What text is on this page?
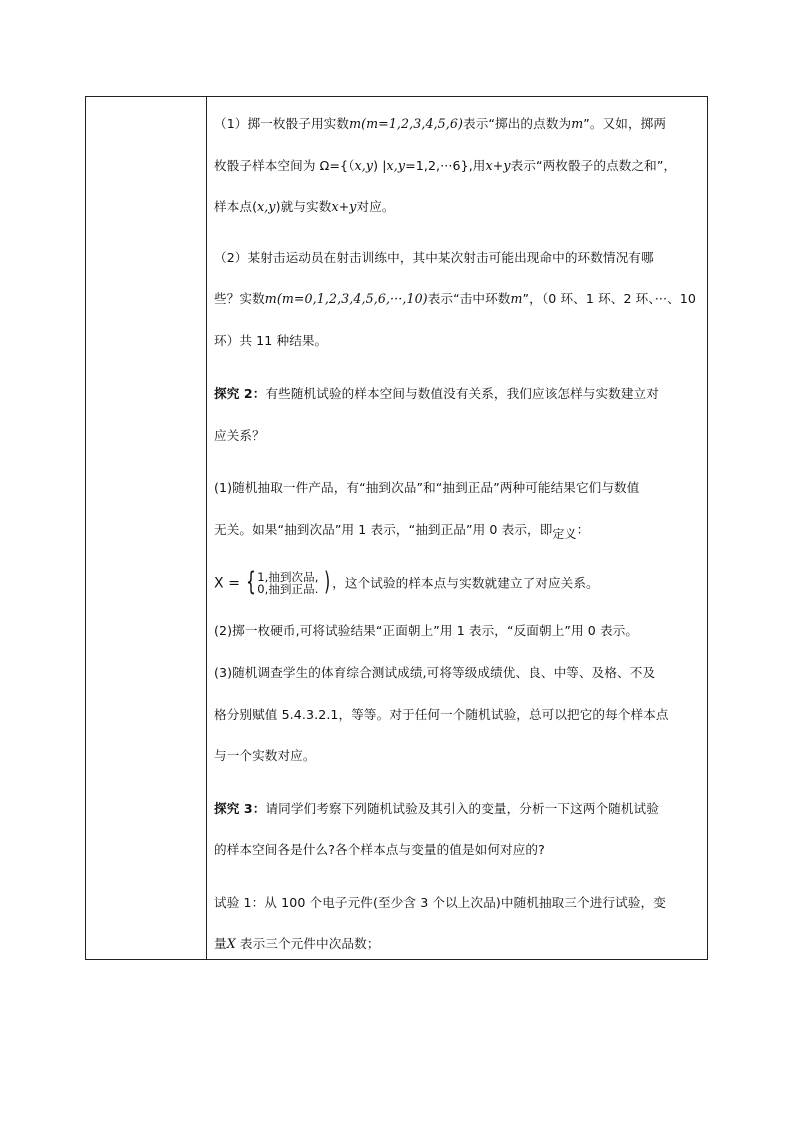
（1）掷一枚骰子用实数m(m=1,2,3,4,5,6)表示“掷出的点数为m”。又如，掷两
枚骰子样本空间为 Ω={（x,y) |x,y=1,2,···6},用x+y表示“两枚骰子的点数之和”，
样本点(x,y)就与实数x+y对应。
（2）某射击运动员在射击训练中，其中某次射击可能出现命中的环数情况有哪
些？实数m(m=0,1,2,3,4,5,6,···,10)表示“击中环数m”，（0 环、1 环、2 环、···、10
环）共 11 种结果。
探究 2：有些随机试验的样本空间与数值没有关系，我们应该怎样与实数建立对
应关系？
(1)随机抽取一件产品，有“抽到次品”和“抽到正品”两种可能结果它们与数值
无关。如果“抽到次品”用 1 表示，“抽到正品”用 0 表示，即定义：
X = { 1,抽到次品,
0,抽到正品. ) ，这个试验的样本点与实数就建立了对应关系。
(2)掷一枚硬币,可将试验结果“正面朝上”用 1 表示，“反面朝上”用 0 表示。
(3)随机调查学生的体育综合测试成绩,可将等级成绩优、良、中等、及格、不及
格分别赋值 5.4.3.2.1，等等。对于任何一个随机试验，总可以把它的每个样本点
与一个实数对应。
探究 3：请同学们考察下列随机试验及其引入的变量，分析一下这两个随机试验
的样本空间各是什么?各个样本点与变量的值是如何对应的?
试验 1：从 100 个电子元件(至少含 3 个以上次品)中随机抽取三个进行试验，变
量X 表示三个元件中次品数；
